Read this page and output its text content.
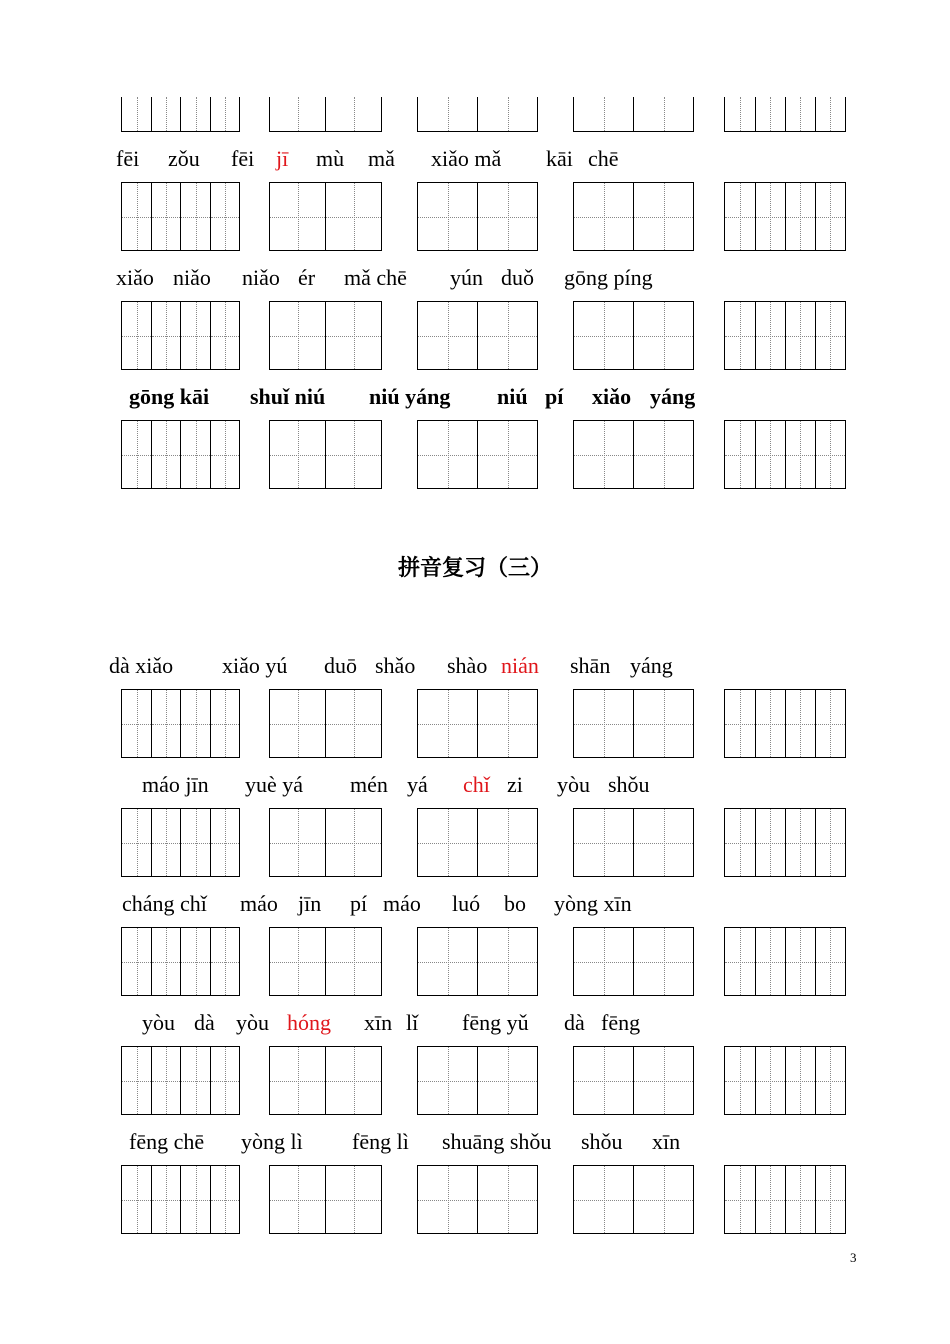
fēi zǒu fēi jī mù mǎ xiǎo mǎ kāi chē
xiǎo niǎo niǎo ér mǎ chē yún duǒ gōng píng
gōng kāi shuǐ niú niú yáng niú pí xiǎo yáng
拼音复习（三）
dà xiǎo xiǎo yú duō shǎo shào nián shān yáng
máo jīn yuè yá mén yá chǐ zi yòu shǒu
cháng chǐ máo jīn pí máo luó bo yòng xīn
yòu dà yòu hóng xīn lǐ fēng yǔ dà fēng
fēng chē yòng lì fēng lì shuāng shǒu shǒu xīn
3
